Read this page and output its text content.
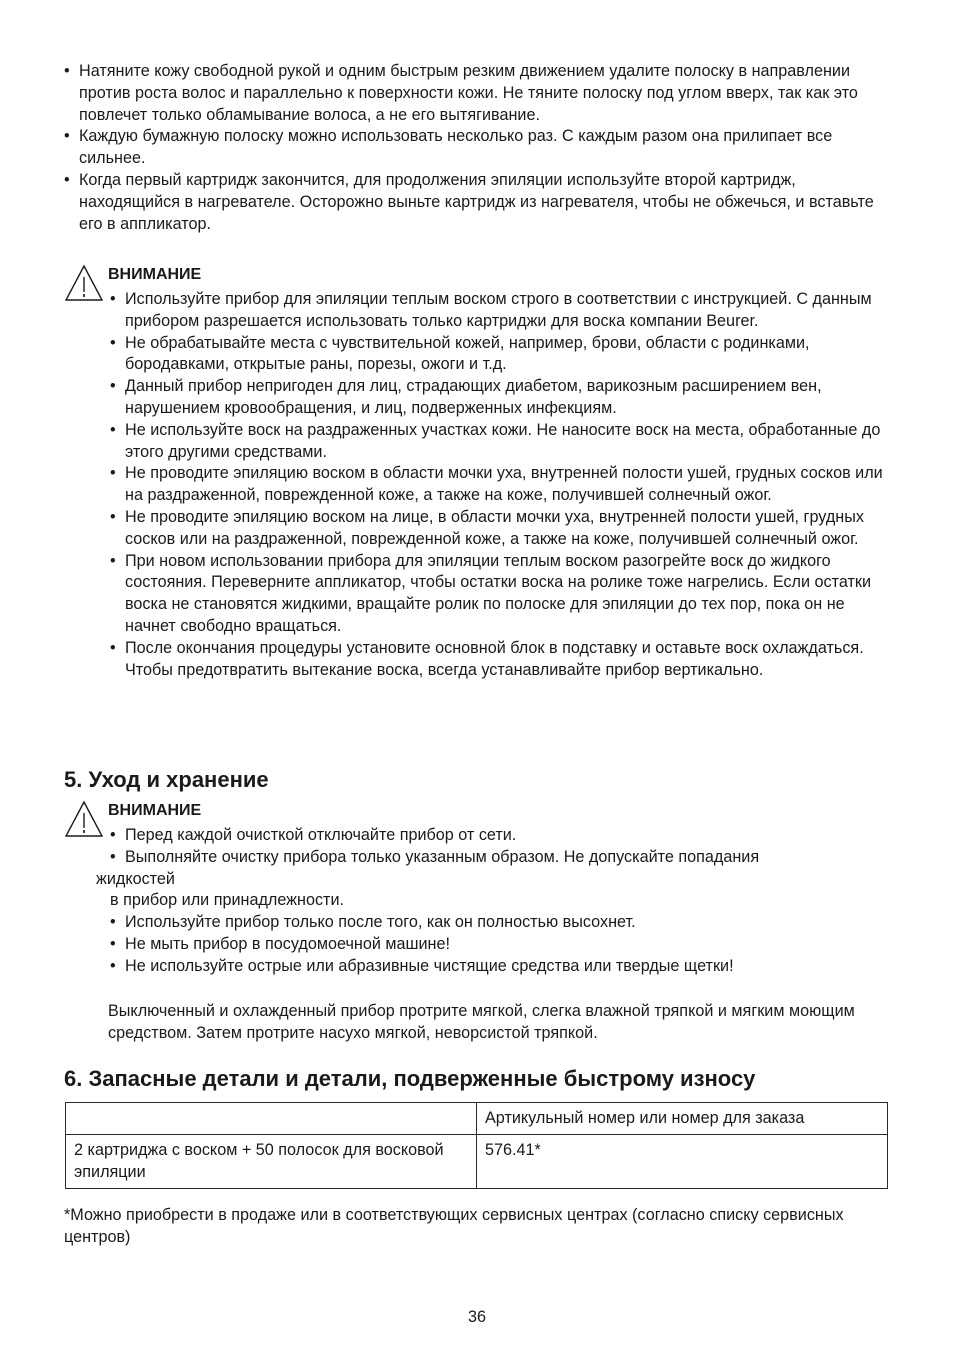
• Натяните кожу свободной рукой и одним быстрым резким движением удалите полоску в направлении против роста волос и параллельно к поверхности кожи. Не тяните полоску под углом вверх, так как это повлечет только обламывание волоса, а не его вытягивание.
• Каждую бумажную полоску можно использовать несколько раз. С каждым разом она прилипает все сильнее.
• Когда первый картридж закончится, для продолжения эпиляции используйте второй картридж, находящийся в нагревателе. Осторожно выньте картридж из нагревателя, чтобы не обжечься, и вставьте его в аппликатор.
ВНИМАНИЕ
• Используйте прибор для эпиляции теплым воском строго в соответствии с инструкцией. С данным прибором разрешается использовать только картриджи для воска компании Beurer.
• Не обрабатывайте места с чувствительной кожей, например, брови, области с родинками, бородавками, открытые раны, порезы, ожоги и т.д.
• Данный прибор непригоден для лиц, страдающих диабетом, варикозным расширением вен, нарушением кровообращения, и лиц, подверженных инфекциям.
• Не используйте воск на раздраженных участках кожи. Не наносите воск на места, обработанные до этого другими средствами.
• Не проводите эпиляцию воском в области мочки уха, внутренней полости ушей, грудных сосков или на раздраженной, поврежденной коже, а также на коже, получившей солнечный ожог.
• Не проводите эпиляцию воском на лице, в области мочки уха, внутренней полости ушей, грудных сосков или на раздраженной, поврежденной коже, а также на коже, получившей солнечный ожог.
• При новом использовании прибора для эпиляции теплым воском разогрейте воск до жидкого состояния. Переверните аппликатор, чтобы остатки воска на ролике тоже нагрелись. Если остатки воска не становятся жидкими, вращайте ролик по полоске для эпиляции до тех пор, пока он не начнет свободно вращаться.
• После окончания процедуры установите основной блок в подставку и оставьте воск охлаждаться. Чтобы предотвратить вытекание воска, всегда устанавливайте прибор вертикально.
5. Уход и хранение
ВНИМАНИЕ
• Перед каждой очисткой отключайте прибор от сети.
• Выполняйте очистку прибора только указанным образом. Не допускайте попадания
жидкостей
в прибор или принадлежности.
• Используйте прибор только после того, как он полностью высохнет.
• Не мыть прибор в посудомоечной машине!
• Не используйте острые или абразивные чистящие средства или твердые щетки!
Выключенный и охлажденный прибор протрите мягкой, слегка влажной тряпкой и мягким моющим средством. Затем протрите насухо мягкой, неворсистой тряпкой.
6. Запасные детали и детали, подверженные быстрому износу
	Артикульный номер или номер для заказа
2 картриджа с воском + 50 полосок для восковой эпиляции	576.41*
*Можно приобрести в продаже или в соответствующих сервисных центрах (согласно списку сервисных центров)
36
